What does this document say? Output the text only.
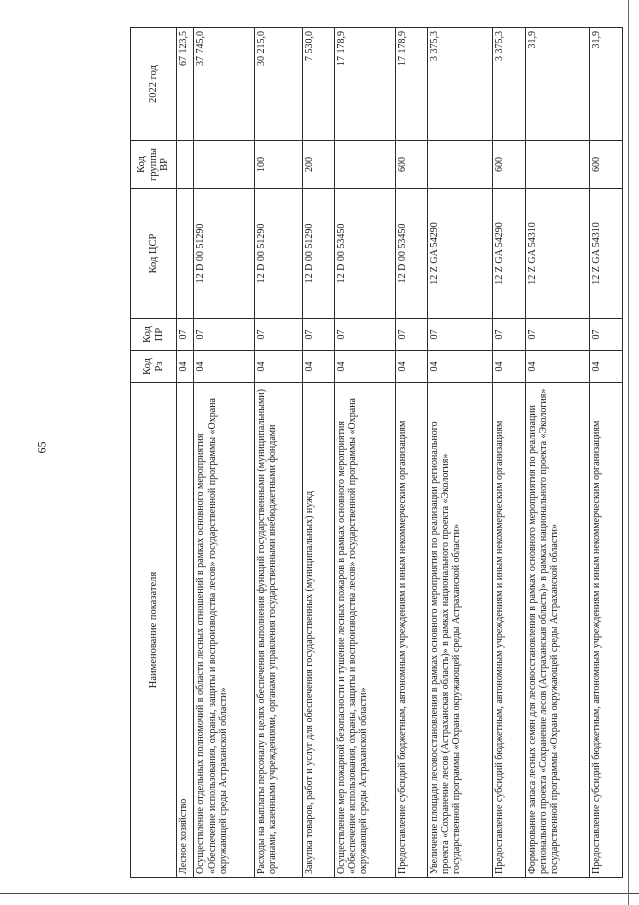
65
Наименование показателя	Код Рз	Код ПР	Код ЦСР	Код группы ВР	2022 год
Лесное хозяйство	04	07			67 123,5
Осуществление отдельных полномочий в области лесных отношений в рамках основного мероприятия «Обеспечение использования, охраны, защиты и воспроизводства лесов» государственной программы «Охрана окружающей среды Астраханской области»	04	07	12 D 00 51290		37 745,0
Расходы на выплаты персоналу в целях обеспечения выполнения функций государственными (муниципальными) органами, казенными учреждениями, органами управления государственными внебюджетными фондами	04	07	12 D 00 51290	100	30 215,0
Закупка товаров, работ и услуг для обеспечения государственных (муниципальных) нужд	04	07	12 D 00 51290	200	7 530,0
Осуществление мер пожарной безопасности и тушение лесных пожаров в рамках основного мероприятия «Обеспечение использования, охраны, защиты и воспроизводства лесов» государственной программы «Охрана окружающей среды Астраханской области»	04	07	12 D 00 53450		17 178,9
Предоставление субсидий бюджетным, автономным учреждениям и иным некоммерческим организациям	04	07	12 D 00 53450	600	17 178,9
Увеличение площади лесовосстановления в рамках основного мероприятия по реализации регионального проекта «Сохранение лесов (Астраханская область)» в рамках национального проекта «Экология» государственной программы «Охрана окружающей среды Астраханской области»	04	07	12 Z GA 54290		3 375,3
Предоставление субсидий бюджетным, автономным учреждениям и иным некоммерческим организациям	04	07	12 Z GA 54290	600	3 375,3
Формирование запаса лесных семян для лесовосстановления в рамках основного мероприятия по реализации регионального проекта «Сохранение лесов (Астраханская область)» в рамках национального проекта «Экология» государственной программы «Охрана окружающей среды Астраханской области»	04	07	12 Z GA 54310		31,9
Предоставление субсидий бюджетным, автономным учреждениям и иным некоммерческим организациям	04	07	12 Z GA 54310	600	31,9
